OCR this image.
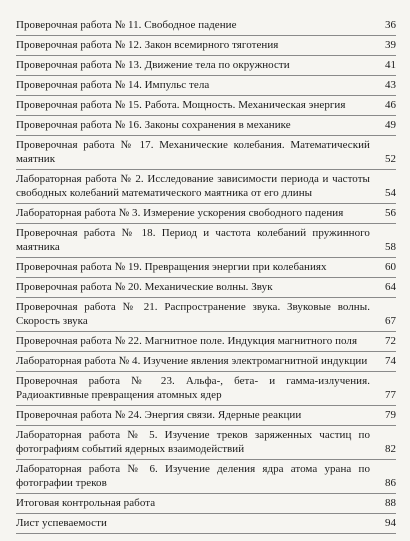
Проверочная работа № 11. Свободное падение	36
Проверочная работа № 12. Закон всемирного тяготения	39
Проверочная работа № 13. Движение тела по окружности	41
Проверочная работа № 14. Импульс тела	43
Проверочная работа № 15. Работа. Мощность. Механическая энергия	46
Проверочная работа № 16. Законы сохранения в механике	49
Проверочная работа № 17. Механические колебания. Математический маятник	52
Лабораторная работа № 2. Исследование зависимости периода и частоты свободных колебаний математического маятника от его длины	54
Лабораторная работа № 3. Измерение ускорения свободного падения	56
Проверочная работа № 18. Период и частота колебаний пружинного маятника	58
Проверочная работа № 19. Превращения энергии при колебаниях	60
Проверочная работа № 20. Механические волны. Звук	64
Проверочная работа № 21. Распространение звука. Звуковые волны. Скорость звука	67
Проверочная работа № 22. Магнитное поле. Индукция магнитного поля	72
Лабораторная работа № 4. Изучение явления электромагнитной индукции	74
Проверочная работа № 23. Альфа-, бета- и гамма-излучения. Радиоактивные превращения атомных ядер	77
Проверочная работа № 24. Энергия связи. Ядерные реакции	79
Лабораторная работа № 5. Изучение треков заряженных частиц по фотографиям событий ядерных взаимодействий	82
Лабораторная работа № 6. Изучение деления ядра атома урана по фотографии треков	86
Итоговая контрольная работа	88
Лист успеваемости	94
